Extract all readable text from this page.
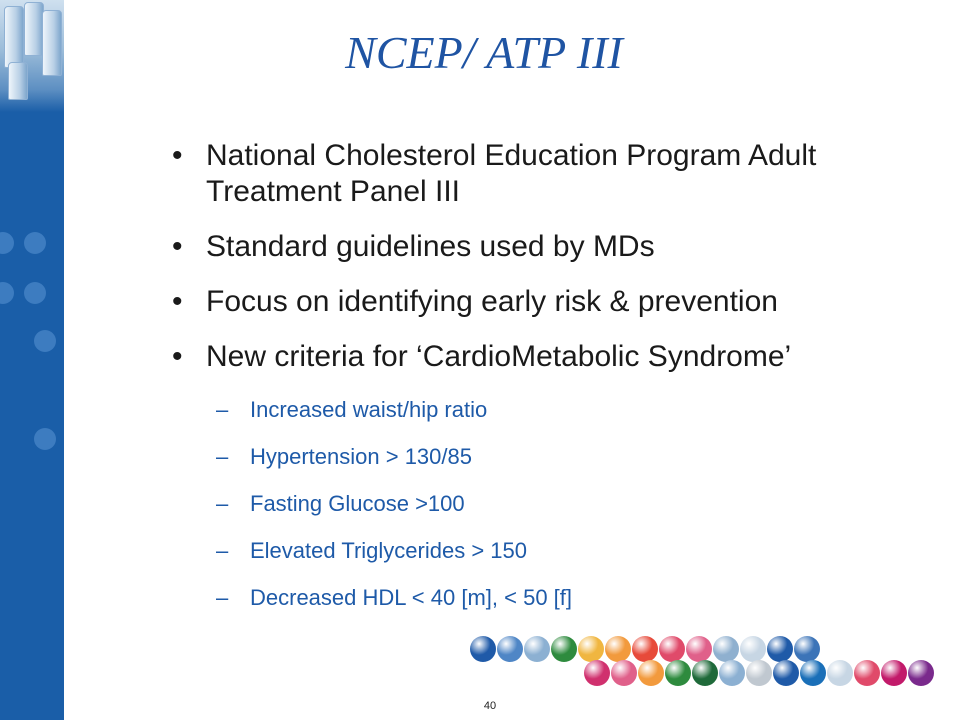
NCEP/ ATP III
• National Cholesterol Education Program Adult Treatment Panel III
• Standard guidelines used by MDs
• Focus on identifying early risk & prevention
• New criteria for ‘CardioMetabolic Syndrome’
– Increased waist/hip ratio
– Hypertension > 130/85
– Fasting Glucose >100
– Elevated Triglycerides > 150
– Decreased HDL < 40 [m], < 50 [f]
40
